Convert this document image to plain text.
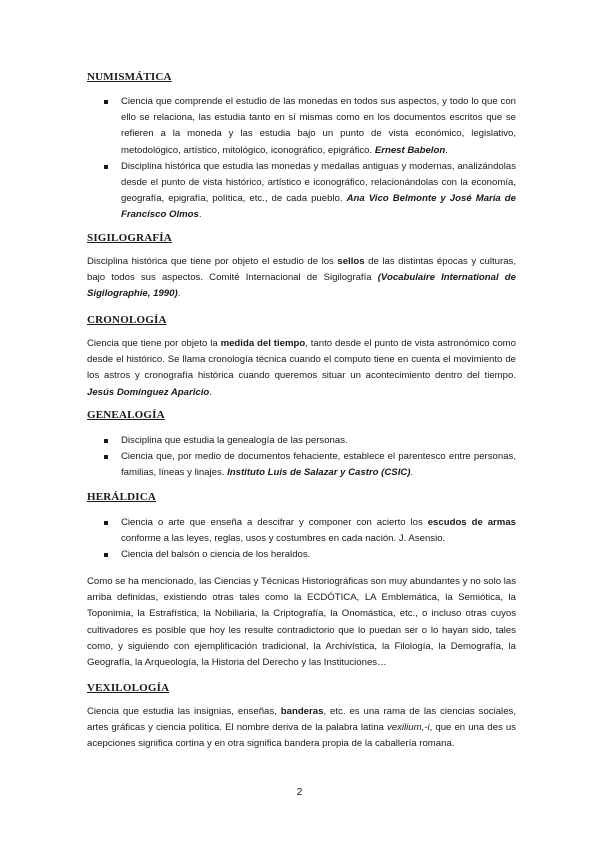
NUMISMÁTICA
Ciencia que comprende el estudio de las monedas en todos sus aspectos, y todo lo que con ello se relaciona, las estudia tanto en sí mismas como en los documentos escritos que se refieren a la moneda y las estudia bajo un punto de vista económico, legislativo, metodológico, artístico, mitológico, iconográfico, epigráfico. Ernest Babelon.
Disciplina histórica que estudia las monedas y medallas antiguas y modernas, analizándolas desde el punto de vista histórico, artístico e iconográfico, relacionándolas con la economía, geografía, epigrafía, política, etc., de cada pueblo. Ana Vico Belmonte y José María de Francisco Olmos.
SIGILOGRAFÍA

Disciplina histórica que tiene por objeto el estudio de los sellos de las distintas épocas y culturas, bajo todos sus aspectos. Comité Internacional de Sigilografía (Vocabulaire International de Sigilographie, 1990).

CRONOLOGÍA

Ciencia que tiene por objeto la medida del tiempo, tanto desde el punto de vista astronómico como desde el histórico. Se llama cronología técnica cuando el computo tiene en cuenta el movimiento de los astros y cronografía histórica cuando queremos situar un acontecimiento dentro del tiempo. Jesús Domínguez Aparicio.

GENEALOGÍA
Disciplina que estudia la genealogía de las personas.
Ciencia que, por medio de documentos fehaciente, establece el parentesco entre personas, familias, líneas y linajes. Instituto Luis de Salazar y Castro (CSIC).
HERÁLDICA
Ciencia o arte que enseña a descifrar y componer con acierto los escudos de armas conforme a las leyes, reglas, usos y costumbres en cada nación. J. Asensio.
Ciencia del balsón o ciencia de los heraldos.

Como se ha mencionado, las Ciencias y Técnicas Historiográficas son muy abundantes y no solo las arriba definidas, existiendo otras tales como la ECDÓTICA, LA Emblemática, la Semiótica, la Toponimia, la Estrafística, la Nobiliaria, la Criptografía, la Onomástica, etc., o incluso otras cuyos cultivadores es posible que hoy les resulte contradictorio que lo puedan ser o lo hayan sido, tales como, y siguiendo con ejemplificación tradicional, la Archivística, la Filología, la Demografía, la Geografía, la Arqueología, la Historia del Derecho y las Instituciones…

VEXILOLOGÍA

Ciencia que estudia las insignias, enseñas, banderas, etc. es una rama de las ciencias sociales, artes gráficas y ciencia política. El nombre deriva de la palabra latina vexilium,-i, que en una des us acepciones significa cortina y en otra significa bandera propia de la caballería romana.

2
